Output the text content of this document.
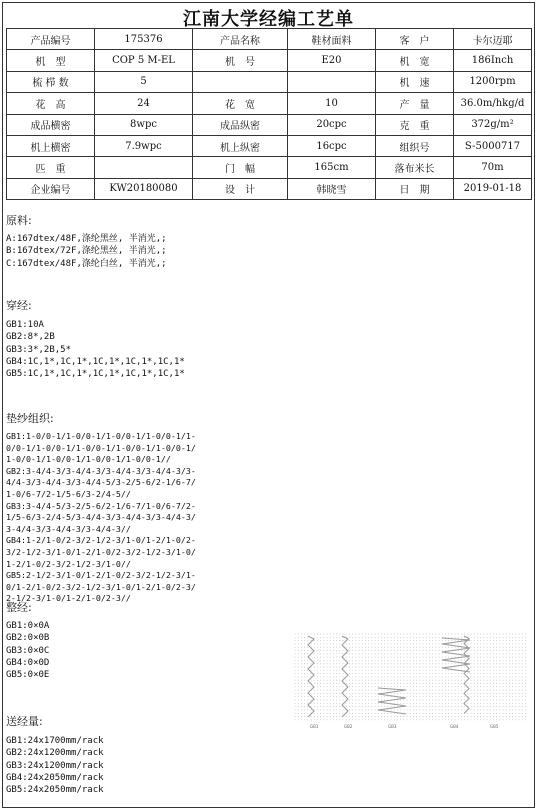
江南大学经编工艺单
产品编号	175376	产品名称	鞋材面料	客　户	卡尔迈耶
机　型	COP 5 M-EL	机　号	E20	机　宽	186Inch
梳 栉 数	5			机　速	1200rpm
花　高	24	花　宽	10	产　量	36.0m/hkg/d
成品横密	8wpc	成品纵密	20cpc	克　重	372g/m²
机上横密	7.9wpc	机上纵密	16cpc	组织号	S-5000717
匹　重		门　幅	165cm	落布米长	70m
企业编号	KW20180080	设　计	韩晓雪	日　期	2019-01-18
原料:
A:167dtex/48F,涤纶黑丝, 半消光,;
B:167dtex/72F,涤纶黑丝, 半消光,;
C:167dtex/48F,涤纶白丝, 半消光,;
穿经:
GB1:10A
GB2:8*,2B
GB3:3*,2B,5*
GB4:1C,1*,1C,1*,1C,1*,1C,1*,1C,1*
GB5:1C,1*,1C,1*,1C,1*,1C,1*,1C,1*
垫纱组织:
GB1:1-0/0-1/1-0/0-1/1-0/0-1/1-0/0-1/1-0/0-1/1-0/0-1/1-0/0-1/1-0/0-1/1-0/0-1/1-0/0-1/1-0/0-1/1-0/0-1/1-0/0-1//
GB2:3-4/4-3/3-4/4-3/3-4/4-3/3-4/4-3/3-4/4-3/3-4/4-3/3-4/4-5/3-2/5-6/2-1/6-7/1-0/6-7/2-1/5-6/3-2/4-5//
GB3:3-4/4-5/3-2/5-6/2-1/6-7/1-0/6-7/2-1/5-6/3-2/4-5/3-4/4-3/3-4/4-3/3-4/4-3/3-4/4-3/3-4/4-3/3-4/4-3//
GB4:1-2/1-0/2-3/2-1/2-3/1-0/1-2/1-0/2-3/2-1/2-3/1-0/1-2/1-0/2-3/2-1/2-3/1-0/1-2/1-0/2-3/2-1/2-3/1-0//
GB5:2-1/2-3/1-0/1-2/1-0/2-3/2-1/2-3/1-0/1-2/1-0/2-3/2-1/2-3/1-0/1-2/1-0/2-3/2-1/2-3/1-0/1-2/1-0/2-3//
整经:
GB1:0×0A
GB2:0×0B
GB3:0×0C
GB4:0×0D
GB5:0×0E
送经量:
GB1:24x1700mm/rack
GB2:24x1200mm/rack
GB3:24x1200mm/rack
GB4:24x2050mm/rack
GB5:24x2050mm/rack
GB1	GB2	GB3	GB4	GB5
